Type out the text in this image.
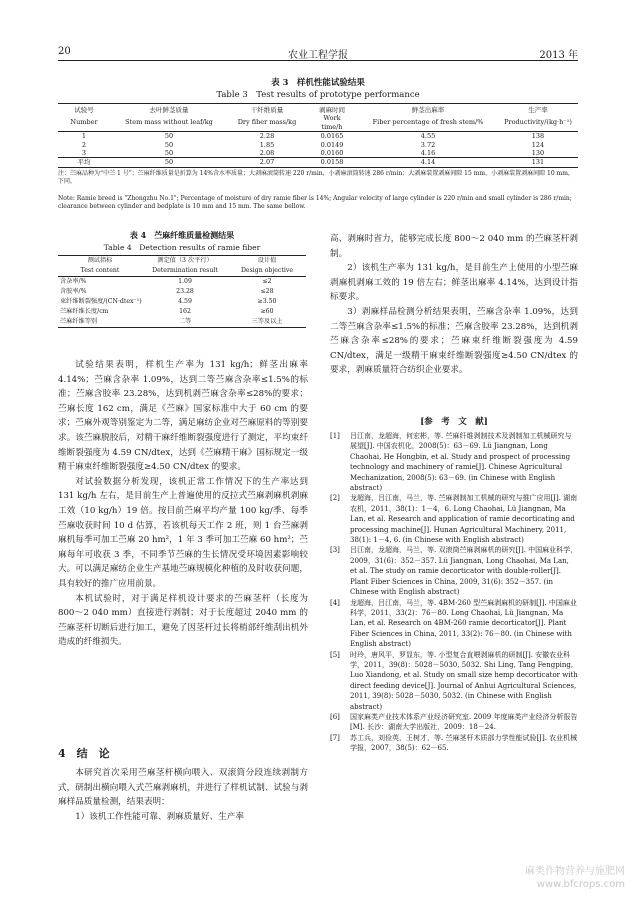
20	农业工程学报	2013 年
表 3　样机性能试验结果
Table 3　Test results of prototype performance
试验号	去叶鲜茎质量	干纤维质量	剥麻时间	鲜茎出麻率	生产率
Number	Stem mass without leaf/kg	Dry fiber mass/kg	Work time/h	Fiber percentage of fresh stem/%	Productivity/(kg·h⁻¹)
1	50	2.28	0.0165	4.55	138
2	50	1.85	0.0149	3.72	124
3	50	2.08	0.0160	4.16	130
平均	50	2.07	0.0158	4.14	131
注：苎麻品种为“中苎 1 号”；苎麻纤维质量是折算为 14%含水率质量；大剥麻滚筒转速 220 r/min，小剥麻滚筒转速 286 r/min；大剥麻装置剥麻间隙 15 mm，小剥麻装置剥麻间隙 10 mm，下同。
Note: Ramie breed is "Zhongzhu No.1"; Percentage of moisture of dry ramie fiber is 14%; Angular velocity of large cylinder is 220 r/min and small cylinder is 286 r/min; clearance between cylinder and bedplate is 10 mm and 15 mm. The same bellow.
表 4　苎麻纤维质量检测结果
Table 4　Detection results of ramie fiber
测试指标	测定值（3 次平行）	设计值
Test content	Determination result	Design objective
含杂率/%	1.09	≤2
含胶率/%	23.28	≤28
束纤维断裂强度/(CN·dtex⁻¹)	4.59	≥3.50
苎麻纤维长度/cm	162	≥60
苎麻纤维等别	二等	三等及以上

试验结果表明，样机生产率为 131 kg/h；鲜茎出麻率 4.14%；苎麻含杂率 1.09%，达到二等苎麻含杂率≤1.5%的标准；苎麻含胶率 23.28%，达到机剥苎麻含杂率≤28%的要求；苎麻长度 162 cm，满足《苎麻》国家标准中大于 60 cm 的要求；苎麻外观等别鉴定为二等，满足麻纺企业对苎麻原料的等别要求。该苎麻脱胶后，对精干麻纤维断裂强度进行了测定，平均束纤维断裂强度为 4.59 CN/dtex，达到《苎麻精干麻》国标规定一级精干麻束纤维断裂强度≥4.50 CN/dtex 的要求。

对试验数据分析发现，该机正常工作情况下的生产率达到 131 kg/h 左右，是目前生产上普遍使用的反拉式苎麻剥麻机剥麻工效（10 kg/h）19 倍。按目前苎麻平均产量 100 kg/季、每季苎麻收获时间 10 d 估算，若该机每天工作 2 班，则 1 台苎麻剥麻机每季可加工苎麻 20 hm²，1 年 3 季可加工苎麻 60 hm²；苎麻每年可收获 3 季，不同季节苎麻的生长情况受环境因素影响较大。可以满足麻纺企业生产基地苎麻规模化种植的及时收获问题，具有较好的推广应用前景。

本机试验时，对于满足样机设计要求的苎麻茎杆（长度为 800～2 040 mm）直接进行剥制；对于长度超过 2040 mm 的苎麻茎杆切断后进行加工，避免了因茎杆过长将梢部纤维刮出机外造成的纤维损失。

4　结　论

本研究首次采用苎麻茎杆横向喂入、双滚筒分段连续剥制方式，研制出横向喂入式苎麻剥麻机，并进行了样机试制、试验与剥麻样品质量检测，结果表明：

1）该机工作性能可靠、剥麻质量好、生产率

高、剥麻时省力，能够完成长度 800～2 040 mm 的苎麻茎杆剥制。

2）该机生产率为 131 kg/h，是目前生产上使用的小型苎麻剥麻机剥麻工效的 19 倍左右；鲜茎出麻率 4.14%，达到设计指标要求。

3）剥麻样品检测分析结果表明，苎麻含杂率 1.09%，达到二等苎麻含杂率≤1.5%的标准；苎麻含胶率 23.28%，达到机剥苎麻含杂率≤28%的要求；苎麻束纤维断裂强度为 4.59 CN/dtex，满足一级精干麻束纤维断裂强度≥4.50 CN/dtex 的要求，剥麻质量符合纺织企业要求。

[参　考　文　献]
[1] 吕江南，龙超海，何宏彬，等. 苎麻纤维剥制技术及剥制加工机械研究与展望[J]. 中国农机化，2008(5)：63－69. Lü Jiangnan, Long Chaohai, He Hongbin, et al. Study and prospect of processing technology and machinery of ramie[J]. Chinese Agricultural Mechanization, 2008(5): 63－69. (in Chinese with English abstract)
[2] 龙超海，吕江南，马兰，等. 苎麻剥制加工机械的研究与推广应用[J]. 湖南农机，2011，38(1)：1－4，6. Long Chaohai, Lü Jiangnan, Ma Lan, et al. Research and application of ramie decorticating and processing machine[J]. Hunan Agricultural Machinery, 2011, 38(1): 1－4, 6. (in Chinese with English abstract)
[3] 吕江南，龙超海，马兰，等. 双滚筒苎麻剥麻机的研究[J]. 中国麻业科学，2009，31(6)：352－357. Lü Jiangnan, Long Chaohai, Ma Lan, et al. The study on ramie decorticator with double-roller[J]. Plant Fiber Sciences in China, 2009, 31(6): 352－357. (in Chinese with English abstract)
[4] 龙超海，吕江南，马兰，等. 4BM-260 型苎麻剥麻机的研制[J]. 中国麻业科学，2011，33(2)：76－80. Long Chaohai, Lü Jiangnan, Ma Lan, et al. Research on 4BM-260 ramie decorticator[J]. Plant Fiber Sciences in China, 2011, 33(2): 76－80. (in Chinese with English abstract)
[5] 时玲，唐风平，罗显东，等. 小型复合直喂剥麻机的研制[J]. 安徽农业科学，2011，39(8)：5028－5030, 5032. Shi Ling, Tang Fengping, Luo Xiandong, et al. Study on small size hemp decorticator with direct feeding device[J]. Journal of Anhui Agricultural Sciences, 2011, 39(8): 5028－5030, 5032. (in Chinese with English abstract)
[6] 国家麻类产业技术体系产业经济研究室. 2009 年度麻类产业经济分析报告[M]. 长沙：湖南大学出版社，2009：18－24.
[7] 苏工兵，刘俭英，王树才，等. 苎麻茎杆木质部力学性能试验[J]. 农业机械学报，2007，38(5)：62－65.
麻类作物营养与施肥网
www.bfcrops.com
